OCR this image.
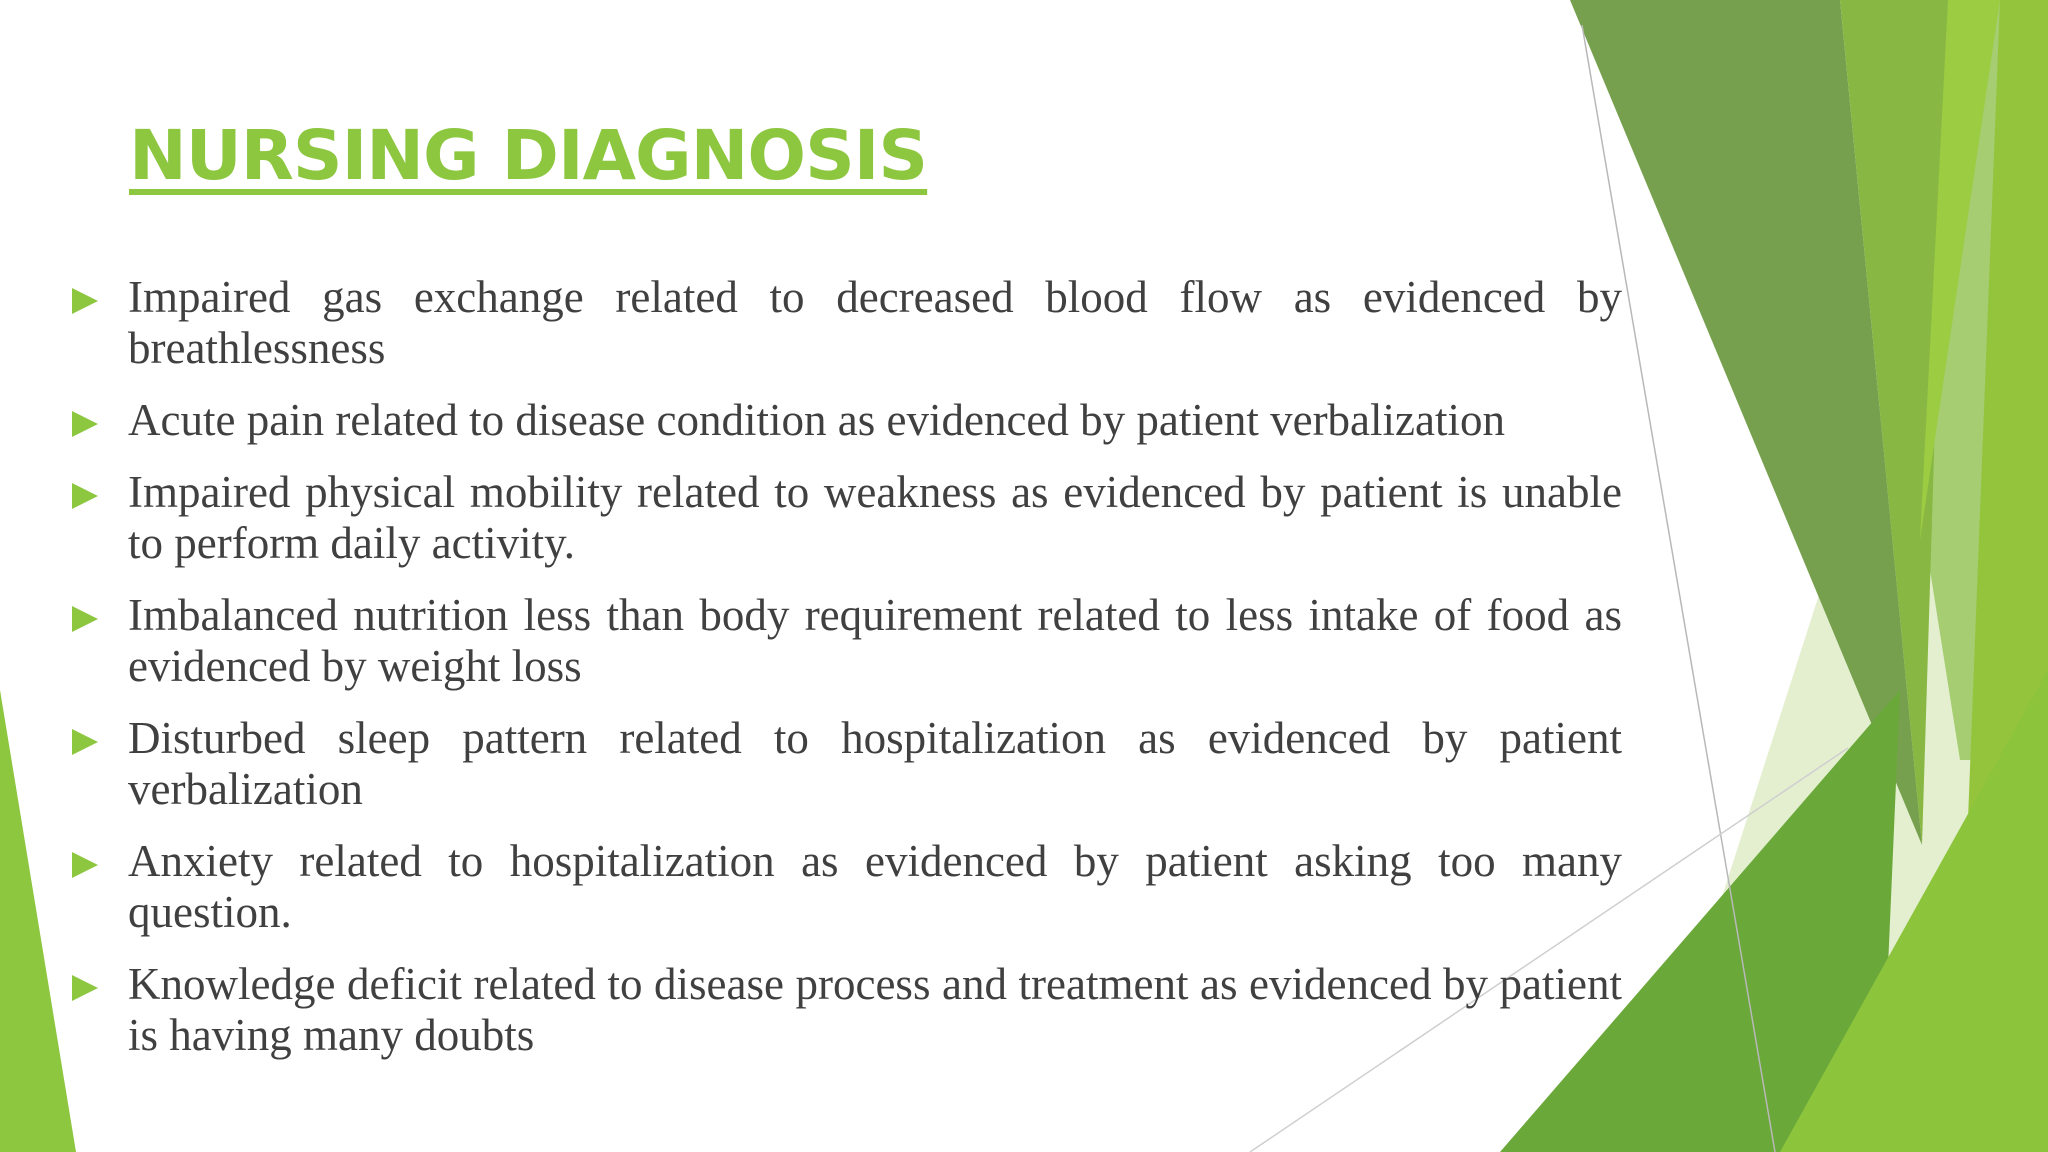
NURSING DIAGNOSIS
Impaired gas exchange related to decreased blood flow as evidenced by breathlessness
Acute pain related to disease condition as evidenced by patient verbalization
Impaired physical mobility related to weakness as evidenced by patient is unable to perform daily activity.
Imbalanced nutrition less than body requirement related to less intake of food as evidenced by weight loss
Disturbed sleep pattern related to hospitalization as evidenced by patient verbalization
Anxiety related to hospitalization as evidenced by patient asking too many question.
Knowledge deficit related to disease process and treatment as evidenced by patient is having many doubts
